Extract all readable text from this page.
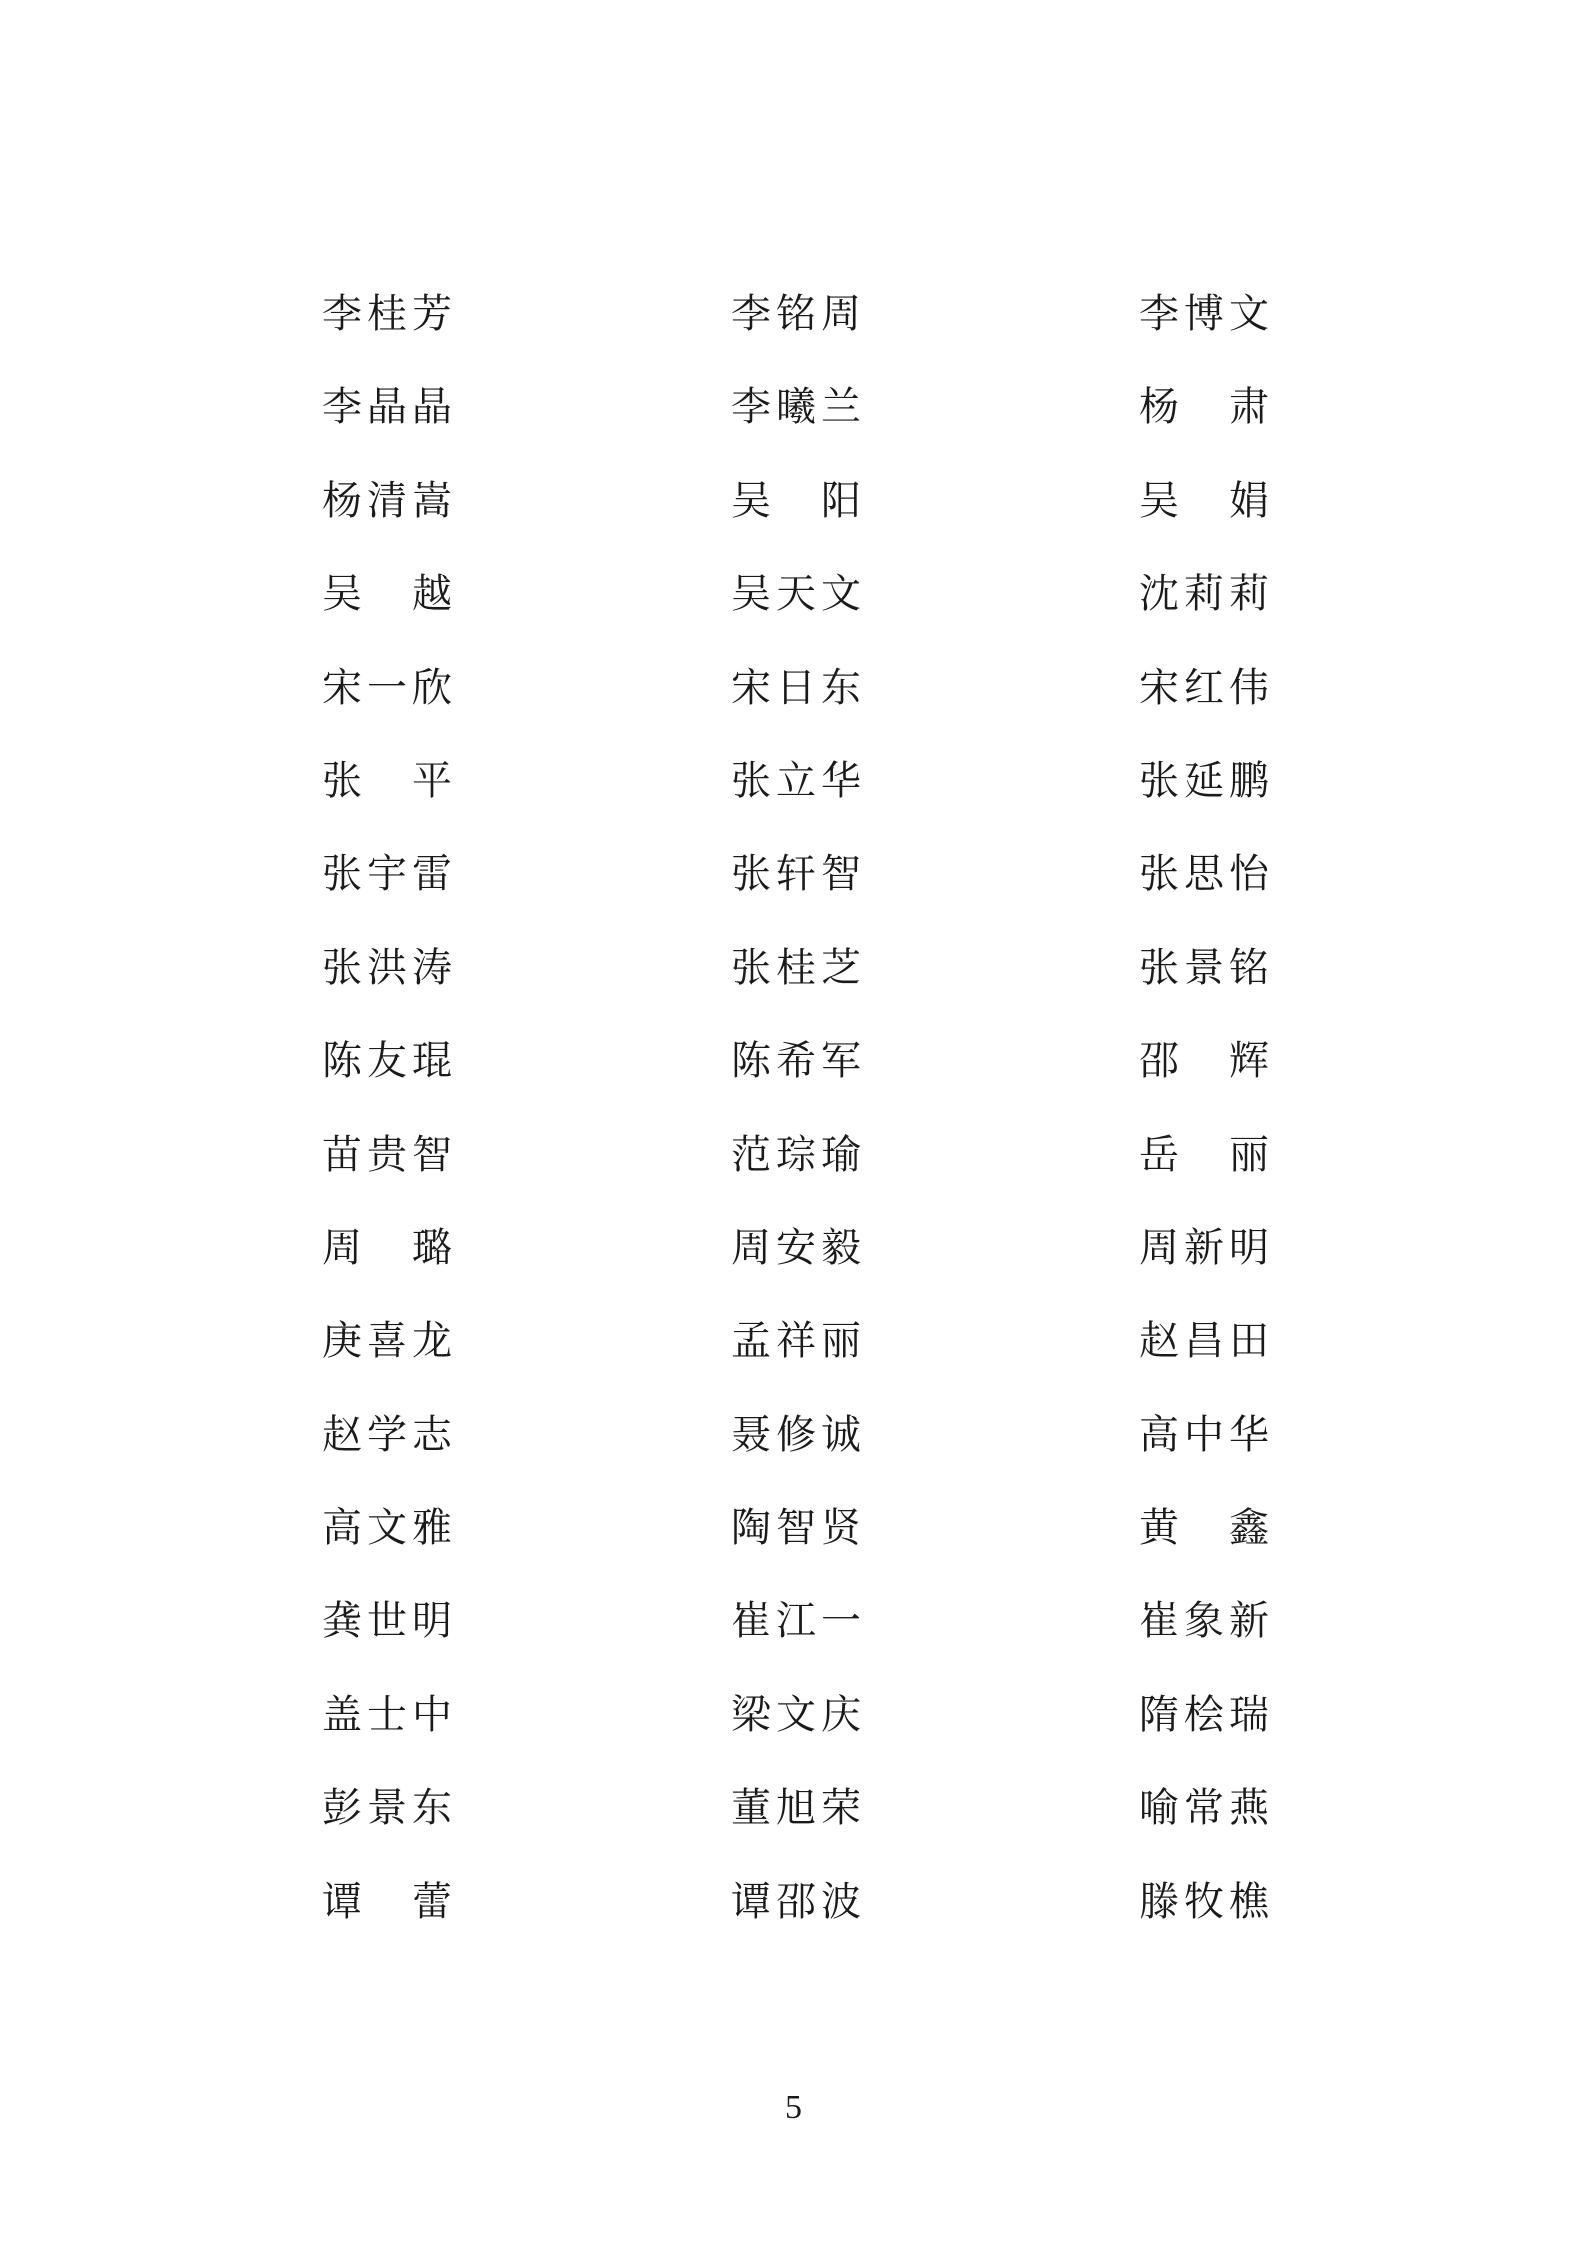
李 桂 芳	李 铭 周	李 博 文
李 晶 晶	李 曦 兰	杨 肃
杨 清 嵩	吴 阳	吴 娟
吴 越	吴 天 文	沈 莉 莉
宋 一 欣	宋 日 东	宋 红 伟
张 平	张 立 华	张 延 鹏
张 宇 雷	张 轩 智	张 思 怡
张 洪 涛	张 桂 芝	张 景 铭
陈 友 琨	陈 希 军	邵 辉
苗 贵 智	范 琮 瑜	岳 丽
周 璐	周 安 毅	周 新 明
庚 喜 龙	孟 祥 丽	赵 昌 田
赵 学 志	聂 修 诚	高 中 华
高 文 雅	陶 智 贤	黄 鑫
龚 世 明	崔 江 一	崔 象 新
盖 士 中	梁 文 庆	隋 桧 瑞
彭 景 东	董 旭 荣	喻 常 燕
谭 蕾	谭 邵 波	滕 牧 樵
5
